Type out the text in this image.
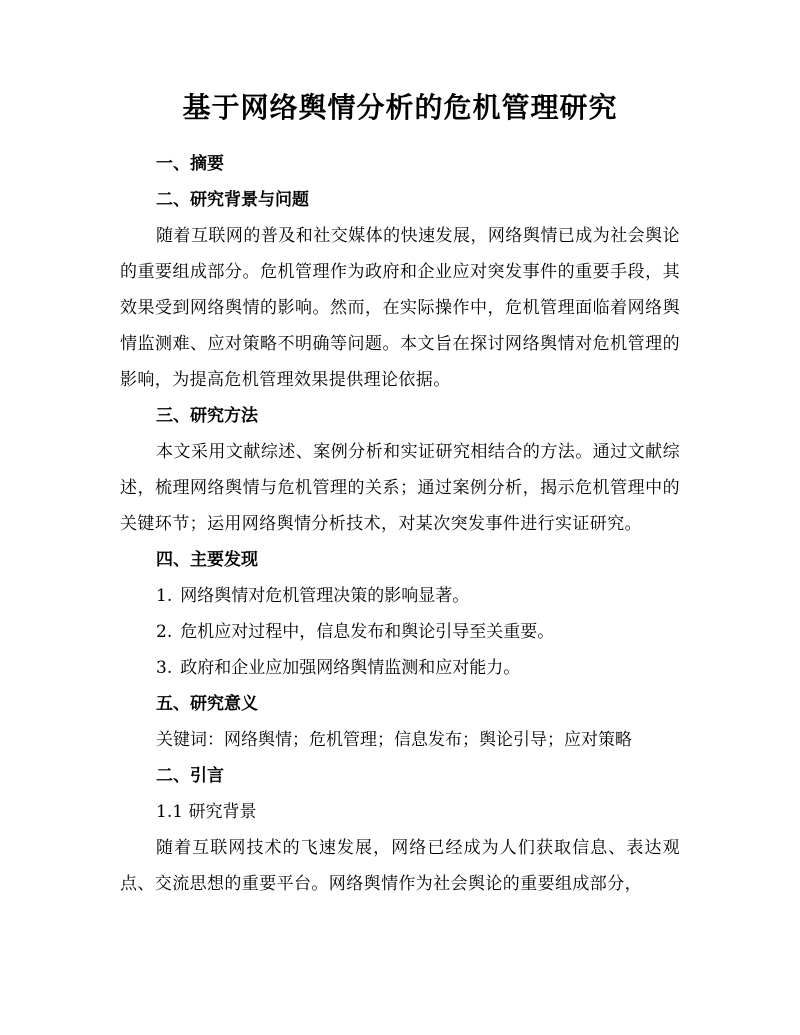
基于网络舆情分析的危机管理研究
一、摘要
二、研究背景与问题

随着互联网的普及和社交媒体的快速发展，网络舆情已成为社会舆论的重要组成部分。危机管理作为政府和企业应对突发事件的重要手段，其效果受到网络舆情的影响。然而，在实际操作中，危机管理面临着网络舆情监测难、应对策略不明确等问题。本文旨在探讨网络舆情对危机管理的影响，为提高危机管理效果提供理论依据。

三、研究方法

本文采用文献综述、案例分析和实证研究相结合的方法。通过文献综述，梳理网络舆情与危机管理的关系；通过案例分析，揭示危机管理中的关键环节；运用网络舆情分析技术，对某次突发事件进行实证研究。

四、主要发现

1. 网络舆情对危机管理决策的影响显著。

2. 危机应对过程中，信息发布和舆论引导至关重要。

3. 政府和企业应加强网络舆情监测和应对能力。

五、研究意义

关键词：网络舆情；危机管理；信息发布；舆论引导；应对策略

二、引言

1.1 研究背景

随着互联网技术的飞速发展，网络已经成为人们获取信息、表达观点、交流思想的重要平台。网络舆情作为社会舆论的重要组成部分，
